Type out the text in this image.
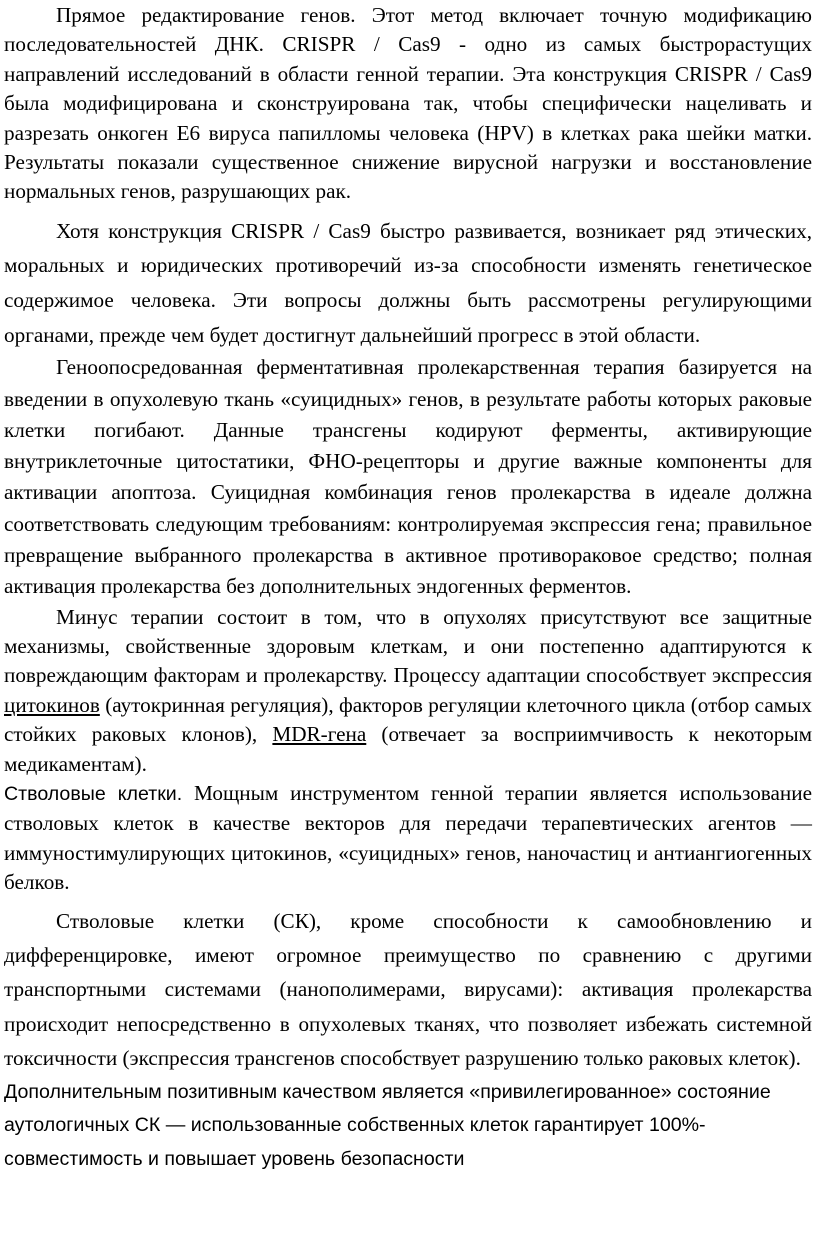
Прямое редактирование генов. Этот метод включает точную модификацию последовательностей ДНК. CRISPR / Cas9 - одно из самых быстрорастущих направлений исследований в области генной терапии. Эта конструкция CRISPR / Cas9 была модифицирована и сконструирована так, чтобы специфически нацеливать и разрезать онкоген E6 вируса папилломы человека (HPV) в клетках рака шейки матки. Результаты показали существенное снижение вирусной нагрузки и восстановление нормальных генов, разрушающих рак.

Хотя конструкция CRISPR / Cas9 быстро развивается, возникает ряд этических, моральных и юридических противоречий из-за способности изменять генетическое содержимое человека. Эти вопросы должны быть рассмотрены регулирующими органами, прежде чем будет достигнут дальнейший прогресс в этой области.

Геноопосредованная ферментативная пролекарственная терапия базируется на введении в опухолевую ткань «суицидных» генов, в результате работы которых раковые клетки погибают. Данные трансгены кодируют ферменты, активирующие внутриклеточные цитостатики, ФНО-рецепторы и другие важные компоненты для активации апоптоза. Суицидная комбинация генов пролекарства в идеале должна соответствовать следующим требованиям: контролируемая экспрессия гена; правильное превращение выбранного пролекарства в активное противораковое средство; полная активация пролекарства без дополнительных эндогенных ферментов.

Минус терапии состоит в том, что в опухолях присутствуют все защитные механизмы, свойственные здоровым клеткам, и они постепенно адаптируются к повреждающим факторам и пролекарству. Процессу адаптации способствует экспрессия цитокинов (аутокринная регуляция), факторов регуляции клеточного цикла (отбор самых стойких раковых клонов), MDR-гена (отвечает за восприимчивость к некоторым медикаментам).

Стволовые клетки. Мощным инструментом генной терапии является использование стволовых клеток в качестве векторов для передачи терапевтических агентов — иммуностимулирующих цитокинов, «суицидных» генов, наночастиц и антиангиогенных белков.

Стволовые клетки (СК), кроме способности к самообновлению и дифференцировке, имеют огромное преимущество по сравнению с другими транспортными системами (нанополимерами, вирусами): активация пролекарства происходит непосредственно в опухолевых тканях, что позволяет избежать системной токсичности (экспрессия трансгенов способствует разрушению только раковых клеток).

Дополнительным позитивным качеством является «привилегированное» состояние аутологичных СК — использованные собственных клеток гарантирует 100%-совместимость и повышает уровень безопасности
